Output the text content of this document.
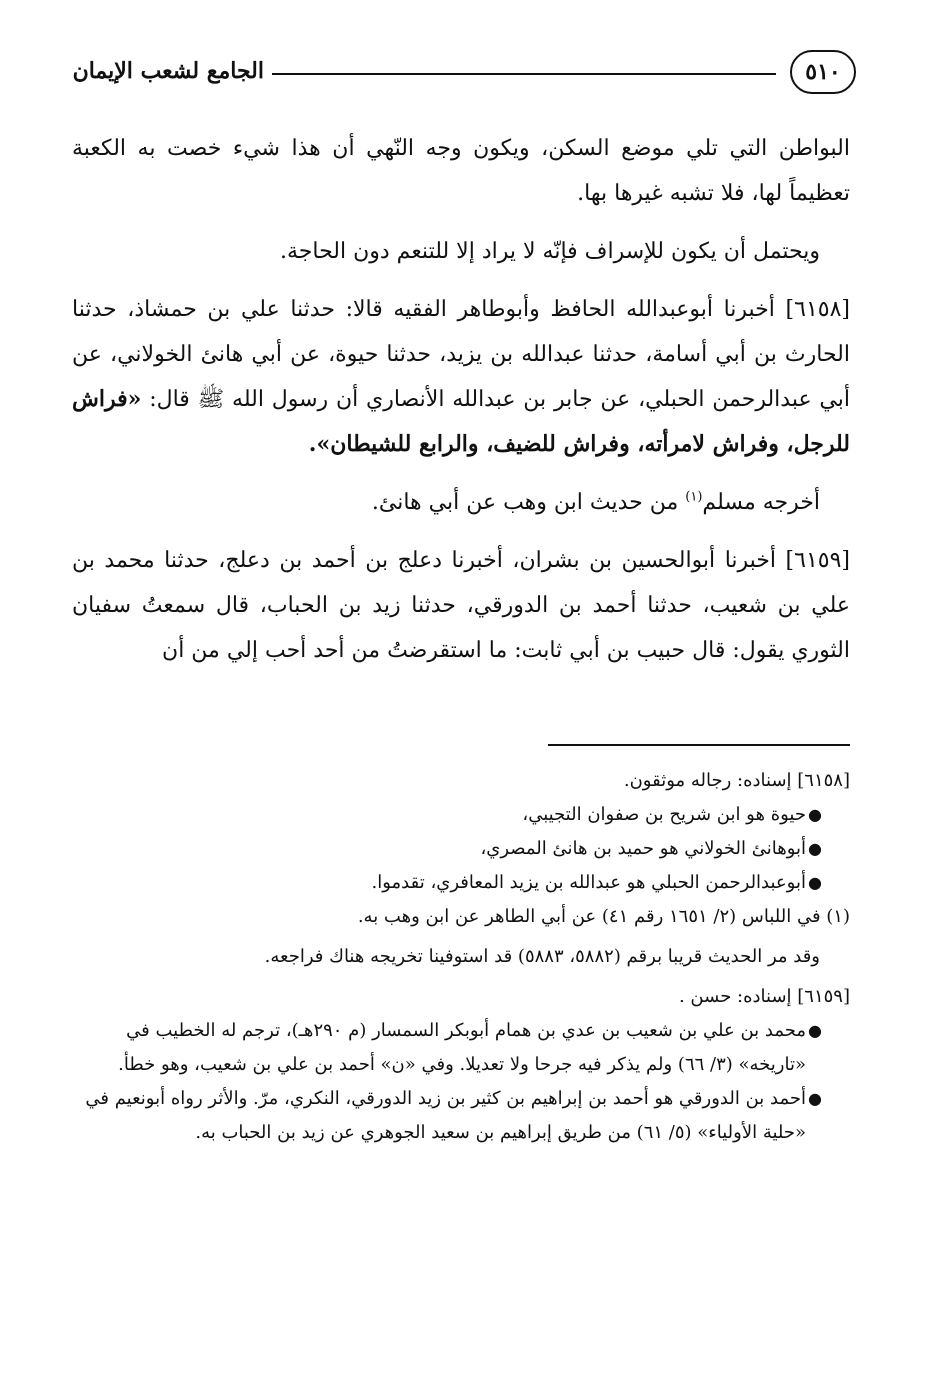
الجامع لشعب الإيمان	٥١٠

البواطن التي تلي موضع السكن، ويكون وجه النّهي أن هذا شيء خصت به الكعبة تعظيماً لها، فلا تشبه غيرها بها.

ويحتمل أن يكون للإسراف فإنّه لا يراد إلا للتنعم دون الحاجة.

[٦١٥٨] أخبرنا أبوعبدالله الحافظ وأبوطاهر الفقيه قالا: حدثنا علي بن حمشاذ، حدثنا الحارث بن أبي أسامة، حدثنا عبدالله بن يزيد، حدثنا حيوة، عن أبي هانئ الخولاني، عن أبي عبدالرحمن الحبلي، عن جابر بن عبدالله الأنصاري أن رسول الله ﷺ قال: «فراش للرجل، وفراش لامرأته، وفراش للضيف، والرابع للشيطان».

أخرجه مسلم$^{(١)}$ من حديث ابن وهب عن أبي هانئ.

[٦١٥٩] أخبرنا أبوالحسين بن بشران، أخبرنا دعلج بن أحمد بن دعلج، حدثنا محمد بن علي بن شعيب، حدثنا أحمد بن الدورقي، حدثنا زيد بن الحباب، قال سمعتُ سفيان الثوري يقول: قال حبيب بن أبي ثابت: ما استقرضتُ من أحد أحب إلي من أن

[٦١٥٨] إسناده: رجاله موثقون.

●
حيوة هو ابن شريح بن صفوان التجيبي،
●
أبوهانئ الخولاني هو حميد بن هانئ المصري،
●
أبوعبدالرحمن الحبلي هو عبدالله بن يزيد المعافري، تقدموا.

(١) في اللباس (٢/ ١٦٥١ رقم ٤١) عن أبي الطاهر عن ابن وهب به.

وقد مر الحديث قريبا برقم (٥٨٨٢، ٥٨٨٣) قد استوفينا تخريجه هناك فراجعه.

[٦١٥٩] إسناده: حسن .

●
محمد بن علي بن شعيب بن عدي بن همام أبوبكر السمسار (م ٢٩٠هـ)، ترجم له الخطيب في «تاريخه» (٣/ ٦٦) ولم يذكر فيه جرحا ولا تعديلا. وفي «ن» أحمد بن علي بن شعيب، وهو خطأ.
●
أحمد بن الدورقي هو أحمد بن إبراهيم بن كثير بن زيد الدورقي، النكري، مرّ. والأثر رواه أبونعيم في «حلية الأولياء» (٥/ ٦١) من طريق إبراهيم بن سعيد الجوهري عن زيد بن الحباب به.
